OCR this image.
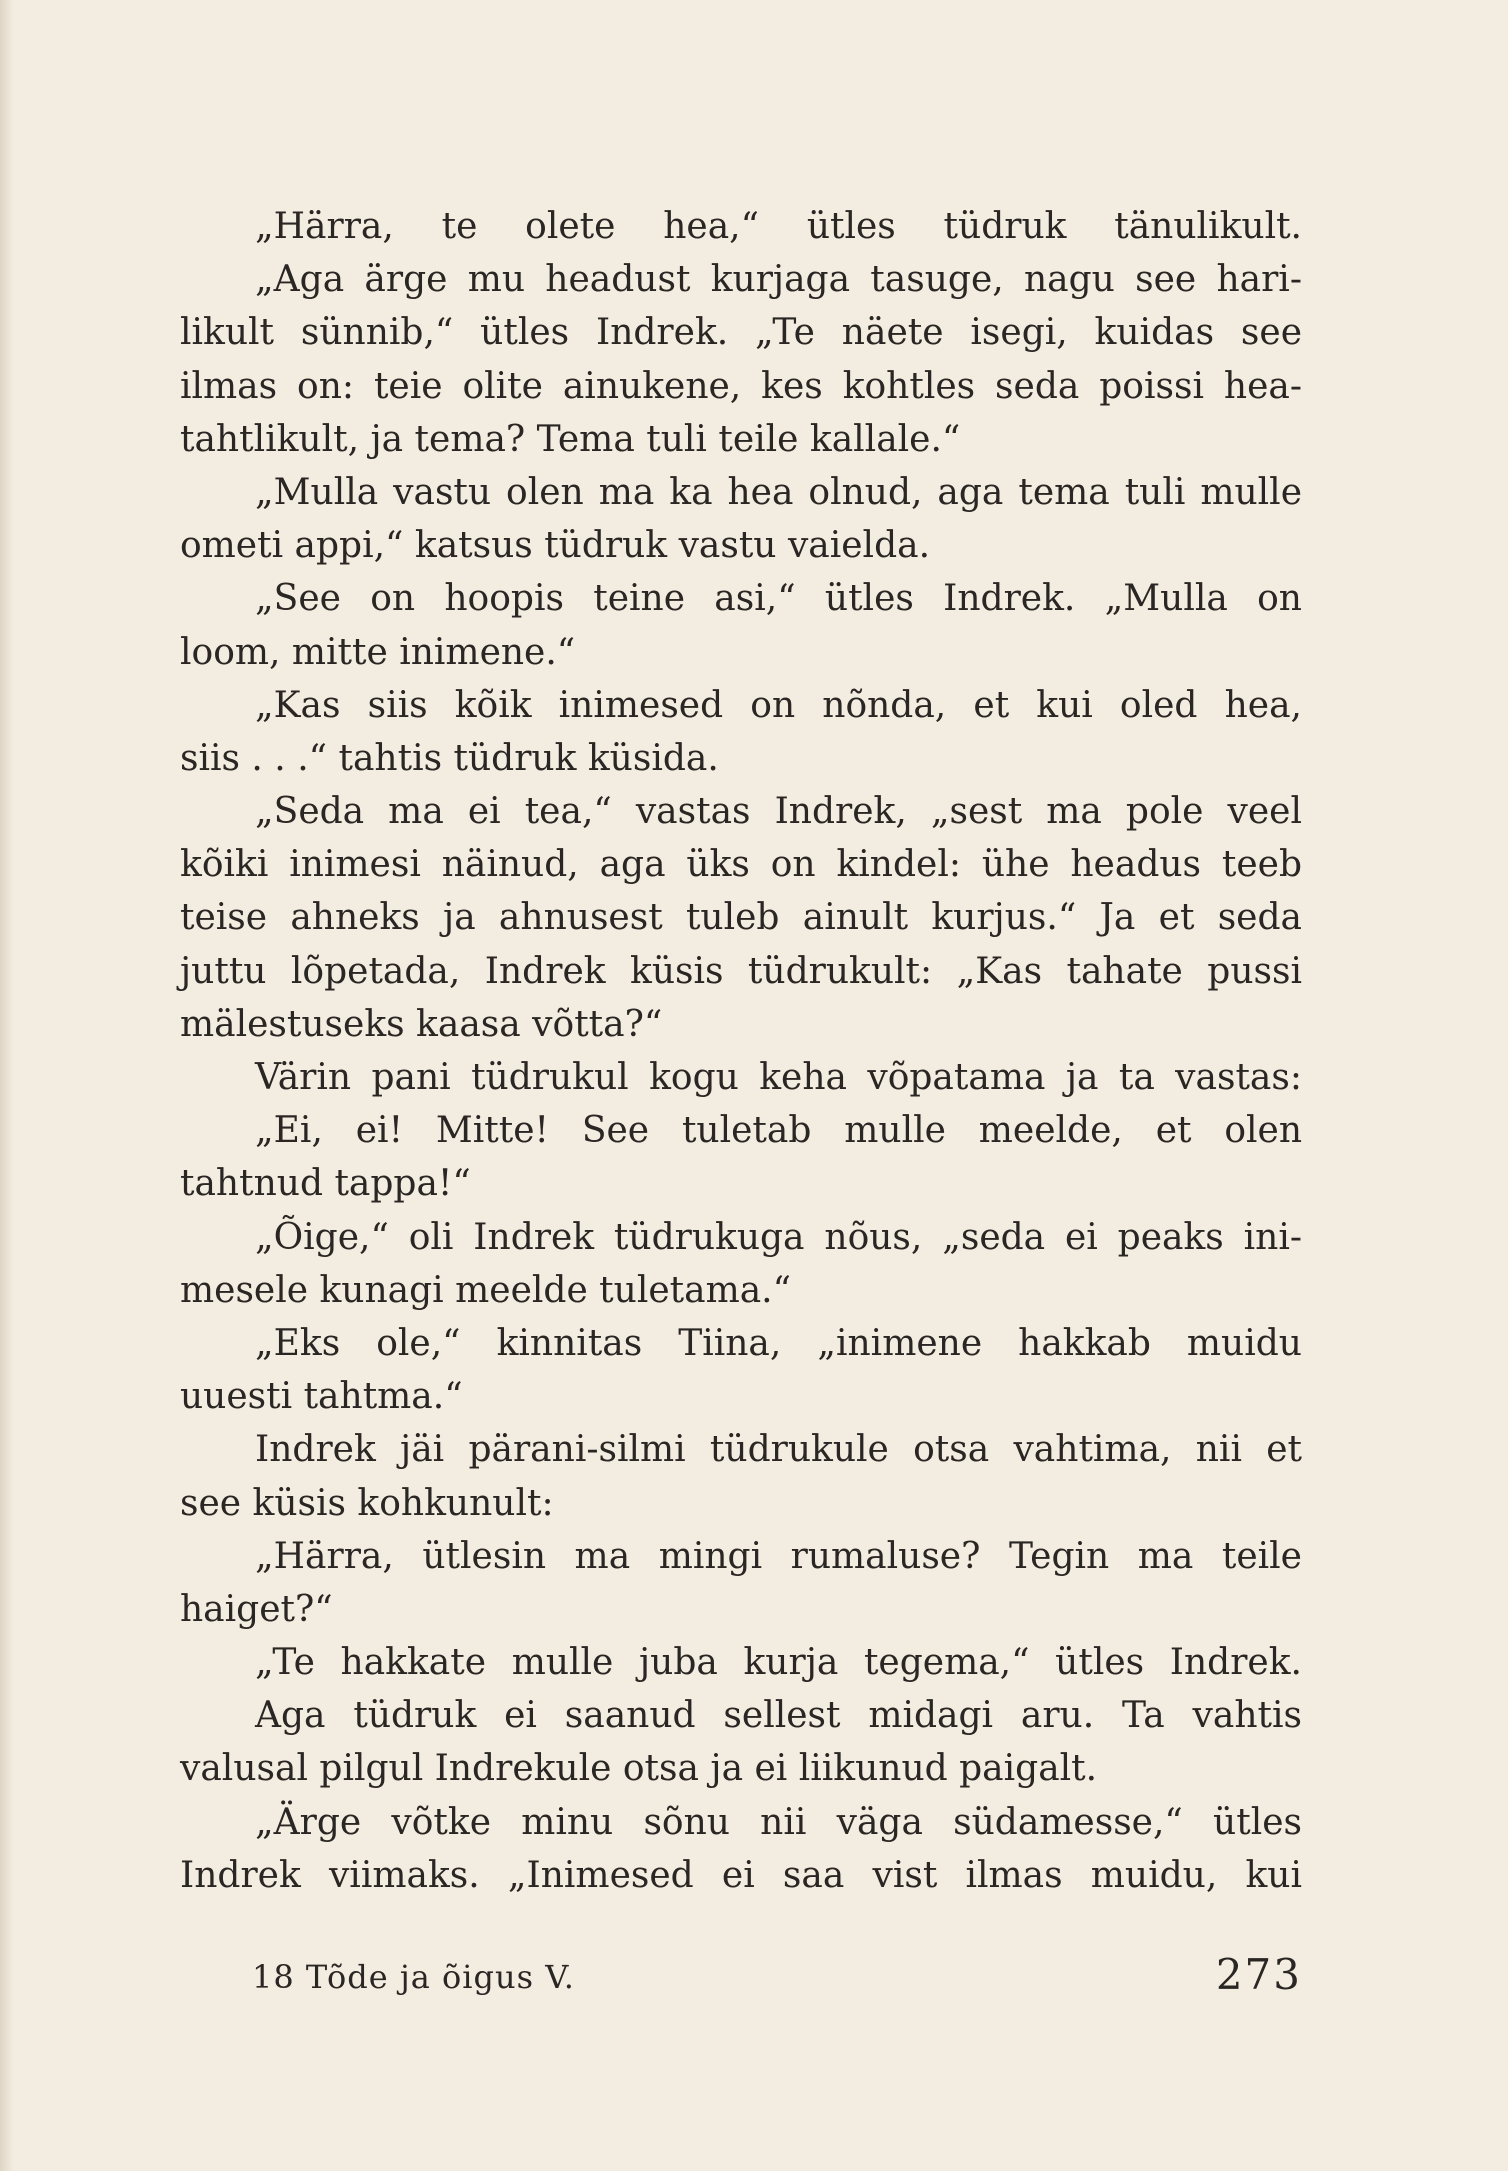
„Härra, te olete hea,“ ütles tüdruk tänulikult.
„Aga ärge mu headust kurjaga tasuge, nagu see hari-
likult sünnib,“ ütles Indrek. „Te näete isegi, kuidas see
ilmas on: teie olite ainukene, kes kohtles seda poissi hea-
tahtlikult, ja tema? Tema tuli teile kallale.“
„Mulla vastu olen ma ka hea olnud, aga tema tuli mulle
ometi appi,“ katsus tüdruk vastu vaielda.
„See on hoopis teine asi,“ ütles Indrek. „Mulla on
loom, mitte inimene.“
„Kas siis kõik inimesed on nõnda, et kui oled hea,
siis . . .“ tahtis tüdruk küsida.
„Seda ma ei tea,“ vastas Indrek, „sest ma pole veel
kõiki inimesi näinud, aga üks on kindel: ühe headus teeb
teise ahneks ja ahnusest tuleb ainult kurjus.“ Ja et seda
juttu lõpetada, Indrek küsis tüdrukult: „Kas tahate pussi
mälestuseks kaasa võtta?“
Värin pani tüdrukul kogu keha võpatama ja ta vastas:
„Ei, ei! Mitte! See tuletab mulle meelde, et olen
tahtnud tappa!“
„Õige,“ oli Indrek tüdrukuga nõus, „seda ei peaks ini-
mesele kunagi meelde tuletama.“
„Eks ole,“ kinnitas Tiina, „inimene hakkab muidu
uuesti tahtma.“
Indrek jäi pärani-silmi tüdrukule otsa vahtima, nii et
see küsis kohkunult:
„Härra, ütlesin ma mingi rumaluse? Tegin ma teile
haiget?“
„Te hakkate mulle juba kurja tegema,“ ütles Indrek.
Aga tüdruk ei saanud sellest midagi aru. Ta vahtis
valusal pilgul Indrekule otsa ja ei liikunud paigalt.
„Ärge võtke minu sõnu nii väga südamesse,“ ütles
Indrek viimaks. „Inimesed ei saa vist ilmas muidu, kui
18 Tõde ja õigus V.	273
